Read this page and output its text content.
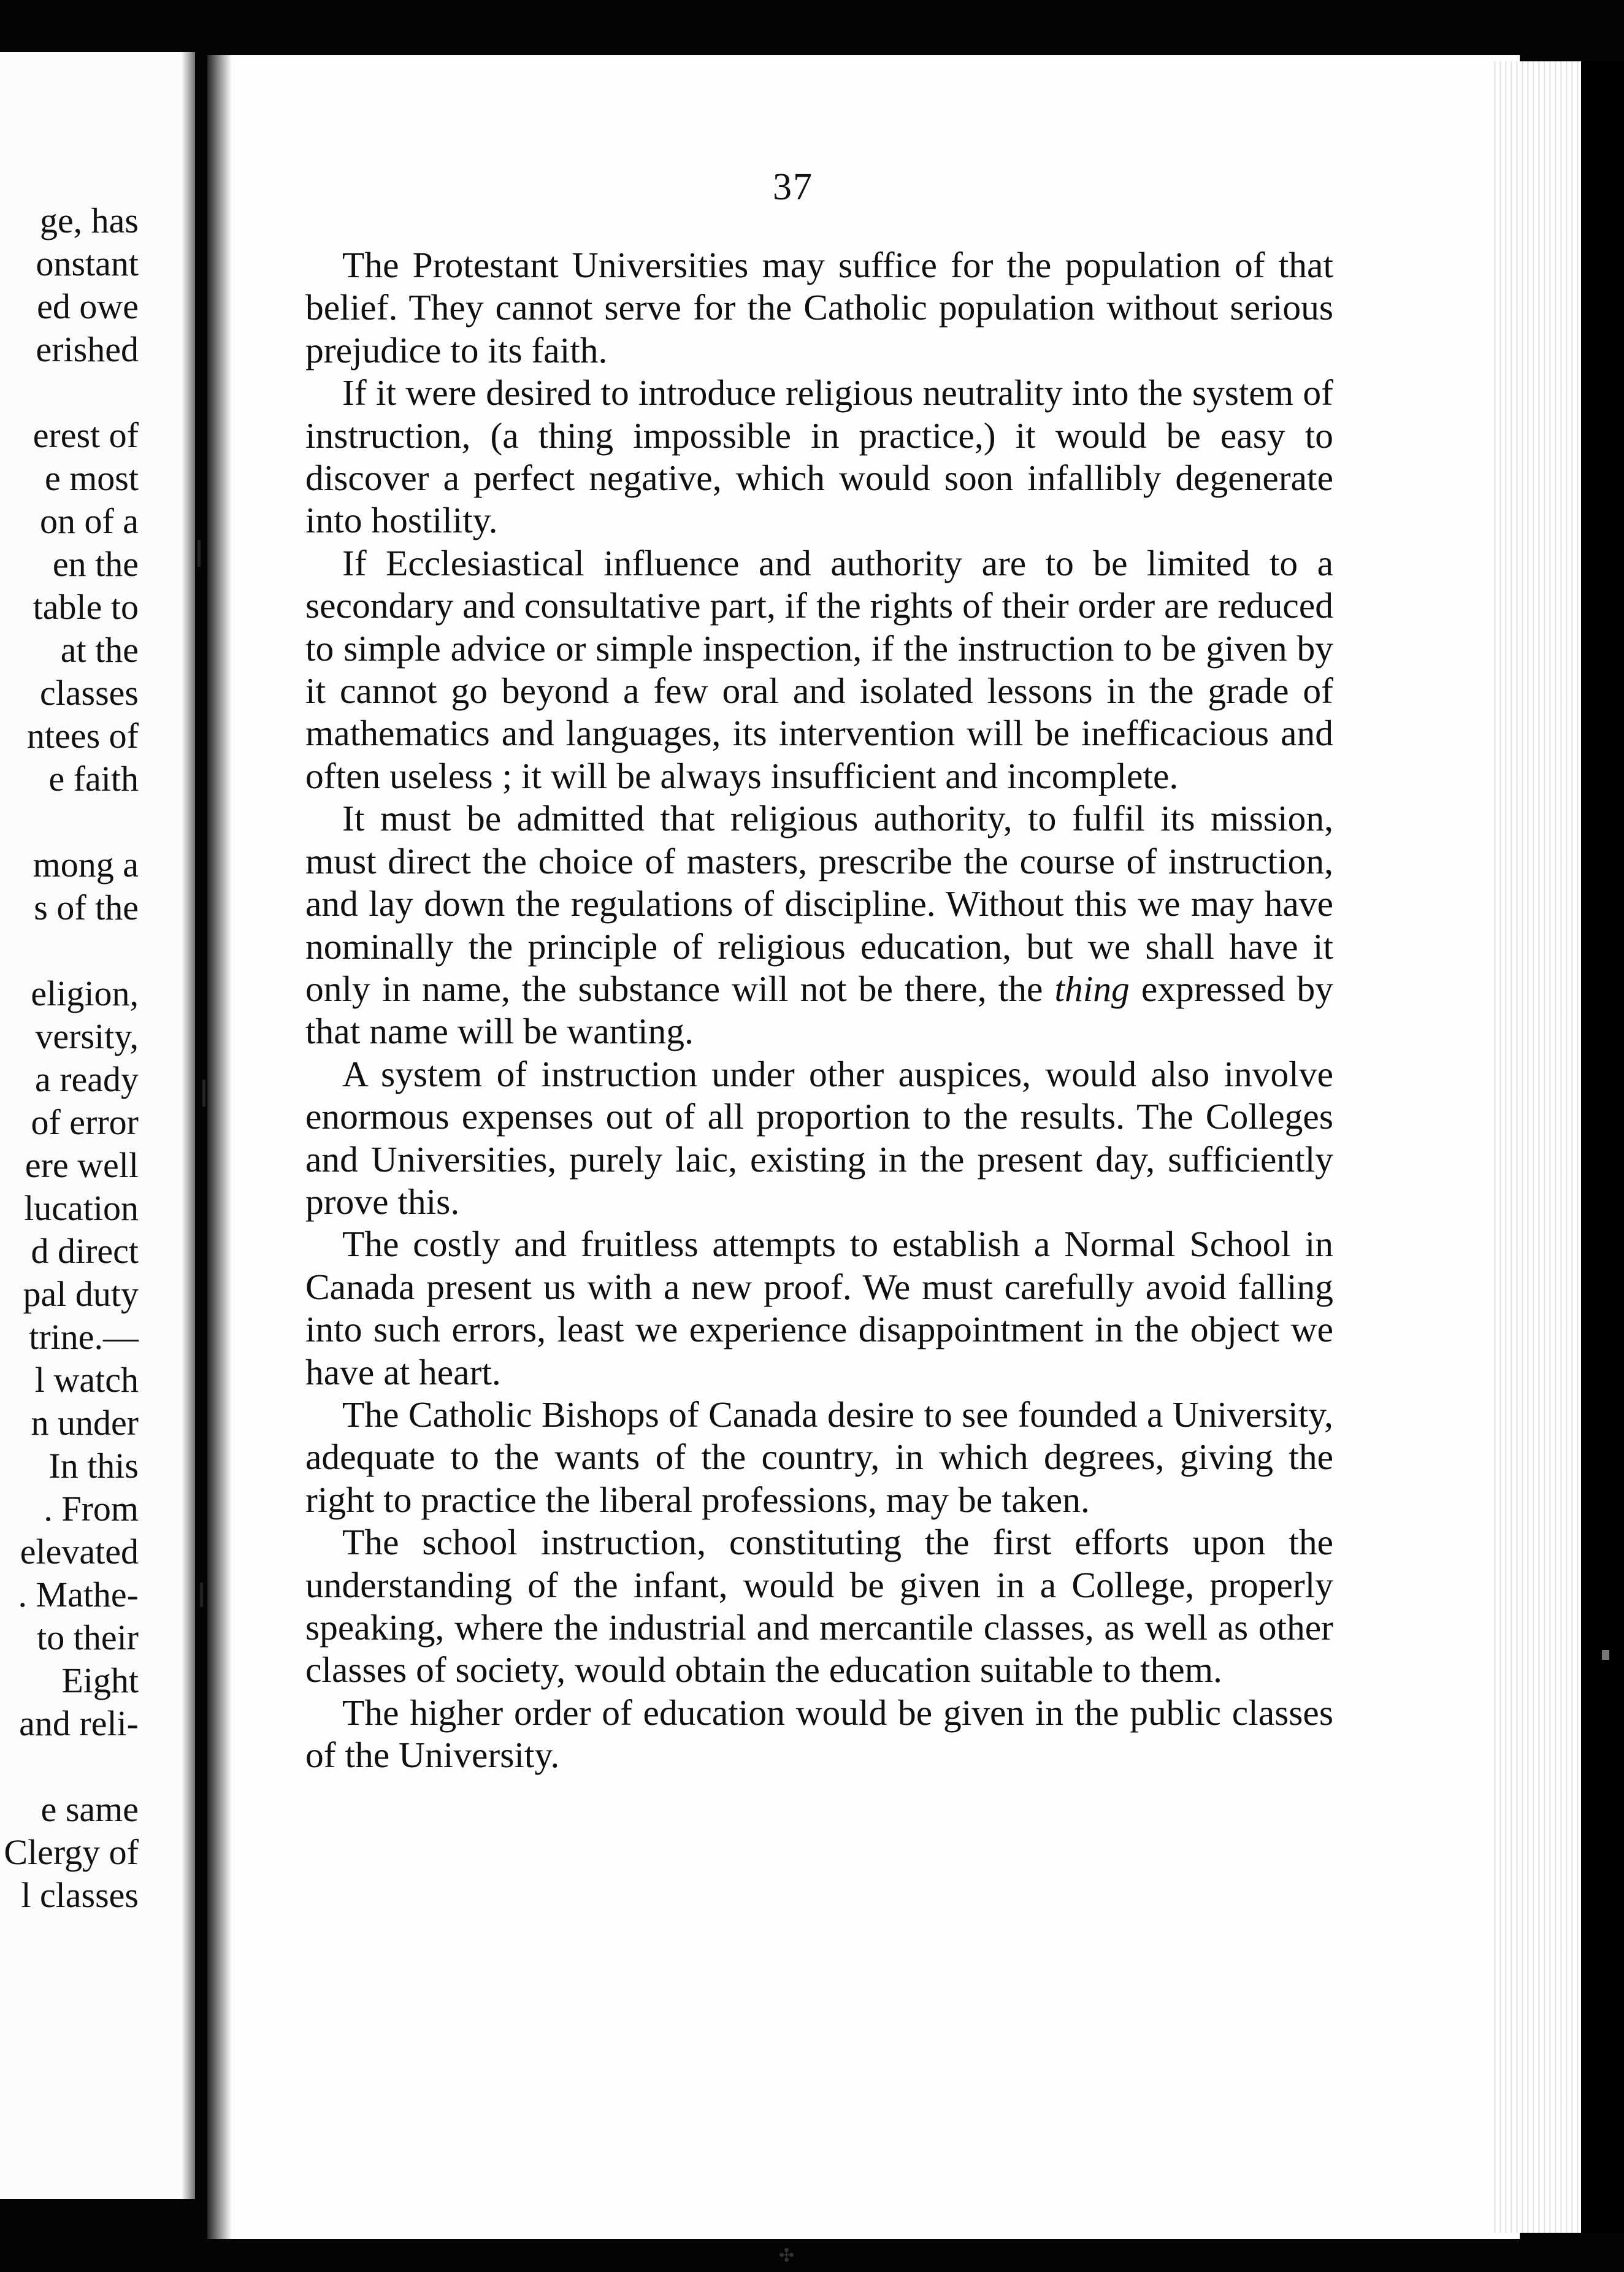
ge, has
onstant
ed owe
erished
erest of
e most
on of a
en the
table to
at the
classes
ntees of
e faith
mong a
s of the
eligion,
versity,
a ready
of error
ere well
lucation
d direct
pal duty
trine.—
l watch
n under
In this
. From
elevated
. Mathe-
to their
Eight
and reli-
e same
Clergy of
l classes
37

The Protestant Universities may suffice for the population of that belief. They cannot serve for the Catholic population without serious prejudice to its faith.

If it were desired to introduce religious neutrality into the system of instruction, (a thing impossible in practice,) it would be easy to discover a perfect negative, which would soon infallibly degenerate into hostility.

If Ecclesiastical influence and authority are to be limited to a secondary and consultative part, if the rights of their order are reduced to simple advice or simple inspection, if the instruction to be given by it cannot go beyond a few oral and isolated lessons in the grade of mathematics and languages, its intervention will be inefficacious and often useless ; it will be always insufficient and incomplete.

It must be admitted that religious authority, to fulfil its mission, must direct the choice of masters, prescribe the course of instruction, and lay down the regulations of discipline. Without this we may have nominally the principle of religious education, but we shall have it only in name, the substance will not be there, the thing expressed by that name will be wanting.

A system of instruction under other auspices, would also involve enormous expenses out of all proportion to the results. The Colleges and Universities, purely laic, existing in the present day, sufficiently prove this.

The costly and fruitless attempts to establish a Normal School in Canada present us with a new proof. We must carefully avoid falling into such errors, least we experience disappointment in the object we have at heart.

The Catholic Bishops of Canada desire to see founded a University, adequate to the wants of the country, in which degrees, giving the right to practice the liberal professions, may be taken.

The school instruction, constituting the first efforts upon the understanding of the infant, would be given in a College, properly speaking, where the industrial and mercantile classes, as well as other classes of society, would obtain the education suitable to them.

The higher order of education would be given in the public classes of the University.

✣
